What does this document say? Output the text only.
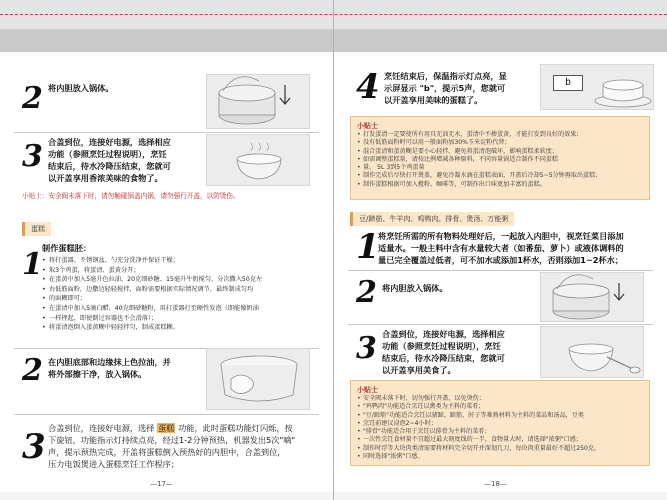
2 将内胆放入锅体。
3 合盖到位，连接好电源，选择相应
功能（参照烹饪过程说明），烹饪
结束后，待水冷降压结束，您就可
以开盖享用香浓美味的食物了。
小贴士：安全阀未落下时，请勿触碰锅盖内锅，请勿强行开盖，以防烫伤。
蛋糕
1 制作蛋糕胚：
• 将打蛋器、不锈钢盆、勺充分洗净并保证干燥；
• 取3个鸡蛋，将蛋清、蛋黄分开；
• 在蛋黄中加入5毫升色拉油、20克细砂糖、15毫升牛奶搅匀，分次撒入50克左
• 右低筋面粉，边撒边轻轻搅拌，面粉需要根据实际情况调节，最终制成匀均
• 的面糊即可；
• 在蛋清中加入5滴白醋、40克细砂糖粉，用打蛋器打至硬性发泡（即能像奶油
• 一样挫起，即使倒过容器也不会滑落）；
• 将蛋清泡倒入蛋黄糊中轻轻拌匀，制成蛋糕糊。
2 在内胆底部和边缘抹上色拉油，并
将外部擦干净，放入锅体。
3 合盖到位，连接好电源，选择 蛋糕 功能，此时蛋糕功能灯闪烁，按
下旋钮，功能指示灯持续点亮，经过1-2分钟预热，机器发出5次"嘀"
声，提示预热完成，开盖将蛋糕倒入预热好的内胆中，合盖到位，
压力电饭煲进入蛋糕烹饪工作程序；
—17—
4 烹饪结束后，保温指示灯点亮，显
示屏显示 "b"，提示5声，您就可
以开盖享用美味的蛋糕了。
b
小贴士
• 打发蛋清一定要使所有用具无油无水，蛋清中不掺蛋黄，才能打发到良好的效果；
• 没有低筋面粉时可以用一般面粉加30%玉米淀粉代替；
• 混合蛋清和蛋黄糊是要小心轻拌，避免将蛋清泡破坏，影响蛋糕柔软度；
• 如需调整蛋糕量，请按比例增减各种原料，不同容量锅适合制作不同蛋糕
• 量。 5L 3到5个鸡蛋量
• 制作完成后尽快打开煲盖，避免冷凝水滴在蛋糕表面，开盖后冷却5~5分钟再取出蛋糕；
• 制作蛋糕根据可加入橙粉、咖啡等，可制作出口味更加丰富的蛋糕。
豆/蹄筋、牛羊肉、鸡鸭肉、排骨、煲汤、万能粥
1
将烹饪所需的所有物料处理好后，一起放入内胆中，视烹饪菜目添加
适量水。一般主料中含有水量较大者（如番茄、萝卜）或液体调料的
量已完全覆盖过低者，可不加水或添加1杯水，否则添加1~2杯水；
2 将内胆放入锅体。
3 合盖到位，连接好电源，选择相应
功能（参照烹饪过程说明），烹饪
结束后，待水冷降压结束，您就可
以开盖享用美食了。
小贴士
• 安全阀未落下时，切勿强行开盖，以免烫伤；
• "鸡鸭肉"功能适合烹饪以禽类为主料的菜肴；
• "豆/蹄筋"功能适合烹饪以猪蹄、蹄筋、肘子等难熟材料为主料的菜品和汤品，豆类
• 烹饪前建议浸泡2~4小时；
• "排骨"功能适合用于烹饪以排骨为主料的菜肴；
• 一次性烹饪食材量不宜超过最大刻度线的一半，食物量大时，请选择"浓粥"口感；
• 制作时浮等大块肉类清需要将材料完全切开并深划几刀，每块肉重量最好不超过250克，
• 同时选择"浓粥"口感。
—18—
